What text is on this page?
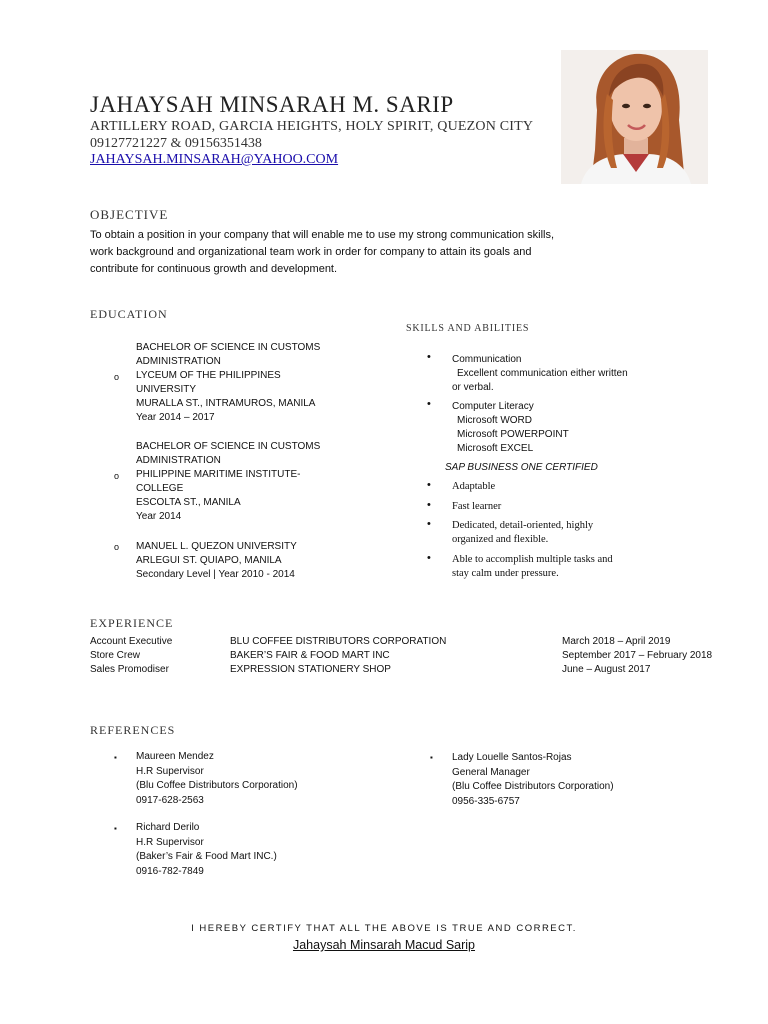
JAHAYSAH MINSARAH M. SARIP
ARTILLERY ROAD, GARCIA HEIGHTS, HOLY SPIRIT, QUEZON CITY
09127721227 & 09156351438
JAHAYSAH.MINSARAH@YAHOO.COM
OBJECTIVE
To obtain a position in your company that will enable me to use my strong communication skills, work background and organizational team work in order for company to attain its goals and contribute for continuous growth and development.
EDUCATION
BACHELOR OF SCIENCE IN CUSTOMS
ADMINISTRATION
LYCEUM OF THE PHILIPPINES
UNIVERSITY
MURALLA ST., INTRAMUROS, MANILA
Year 2014 – 2017
o
BACHELOR OF SCIENCE IN CUSTOMS
ADMINISTRATION
PHILIPPINE MARITIME INSTITUTE-
COLLEGE
ESCOLTA ST., MANILA
Year 2014
o
MANUEL L. QUEZON UNIVERSITY
ARLEGUI ST. QUIAPO, MANILA
Secondary Level | Year 2010 - 2014
o
SKILLS AND ABILITIES
• Communication
Excellent communication either written
or verbal.
• Computer Literacy
Microsoft WORD
Microsoft POWERPOINT
Microsoft EXCEL
SAP BUSINESS ONE CERTIFIED
• Adaptable
• Fast learner
• Dedicated, detail-oriented, highly
organized and flexible.
• Able to accomplish multiple tasks and
stay calm under pressure.
EXPERIENCE
Account Executive	BLU COFFEE DISTRIBUTORS CORPORATION	March 2018 – April 2019
Store Crew	BAKER’S FAIR & FOOD MART INC	September 2017 – February 2018
Sales Promodiser	EXPRESSION STATIONERY SHOP	June – August 2017
REFERENCES
▪ Maureen Mendez
H.R Supervisor
(Blu Coffee Distributors Corporation)
0917-628-2563
▪ Lady Louelle Santos-Rojas
General Manager
(Blu Coffee Distributors Corporation)
0956-335-6757
▪ Richard Derilo
H.R Supervisor
(Baker’s Fair & Food Mart INC.)
0916-782-7849
I HEREBY CERTIFY THAT ALL THE ABOVE IS TRUE AND CORRECT.
Jahaysah Minsarah Macud Sarip
